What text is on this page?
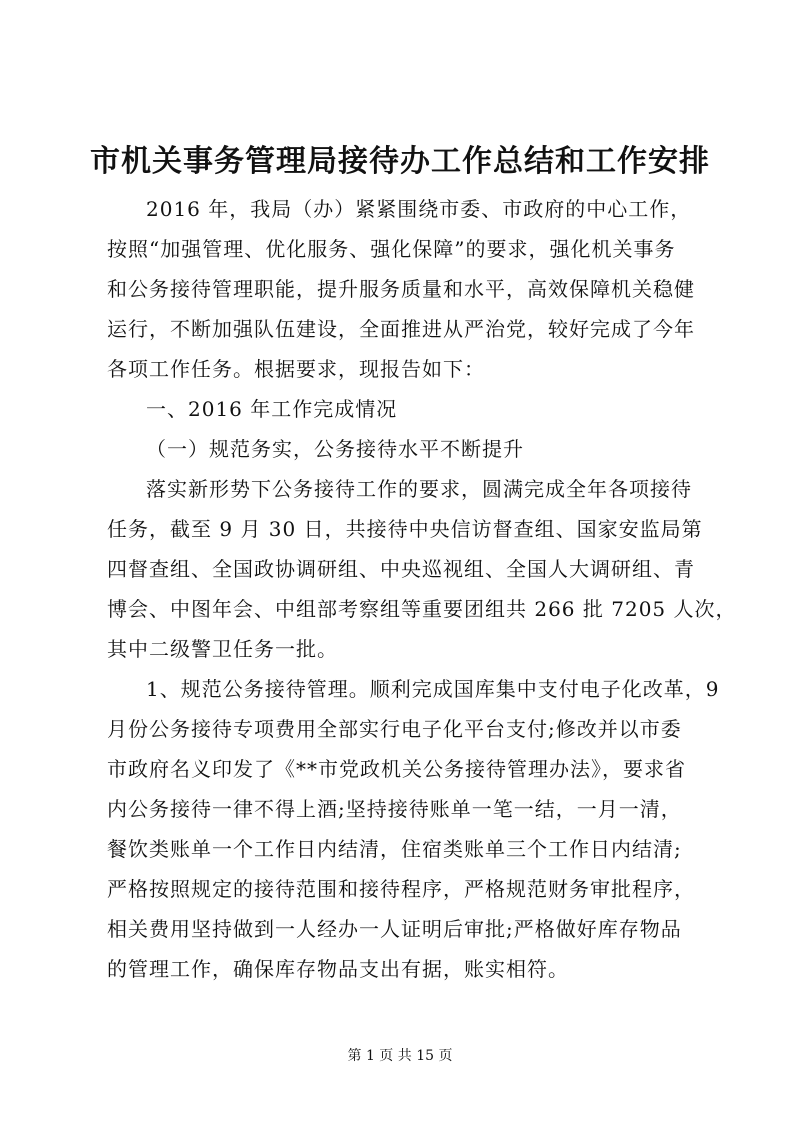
市机关事务管理局接待办工作总结和工作安排
2016 年，我局（办）紧紧围绕市委、市政府的中心工作，
按照“加强管理、优化服务、强化保障”的要求，强化机关事务
和公务接待管理职能，提升服务质量和水平，高效保障机关稳健
运行，不断加强队伍建设，全面推进从严治党，较好完成了今年
各项工作任务。根据要求，现报告如下：
一、2016 年工作完成情况
（一）规范务实，公务接待水平不断提升
落实新形势下公务接待工作的要求，圆满完成全年各项接待
任务，截至 9 月 30 日，共接待中央信访督查组、国家安监局第
四督查组、全国政协调研组、中央巡视组、全国人大调研组、青
博会、中图年会、中组部考察组等重要团组共 266 批 7205 人次，
其中二级警卫任务一批。
1、规范公务接待管理。顺利完成国库集中支付电子化改革，9
月份公务接待专项费用全部实行电子化平台支付;修改并以市委
市政府名义印发了《**市党政机关公务接待管理办法》，要求省
内公务接待一律不得上酒;坚持接待账单一笔一结，一月一清，
餐饮类账单一个工作日内结清，住宿类账单三个工作日内结清;
严格按照规定的接待范围和接待程序，严格规范财务审批程序，
相关费用坚持做到一人经办一人证明后审批;严格做好库存物品
的管理工作，确保库存物品支出有据，账实相符。
第 1 页 共 15 页
